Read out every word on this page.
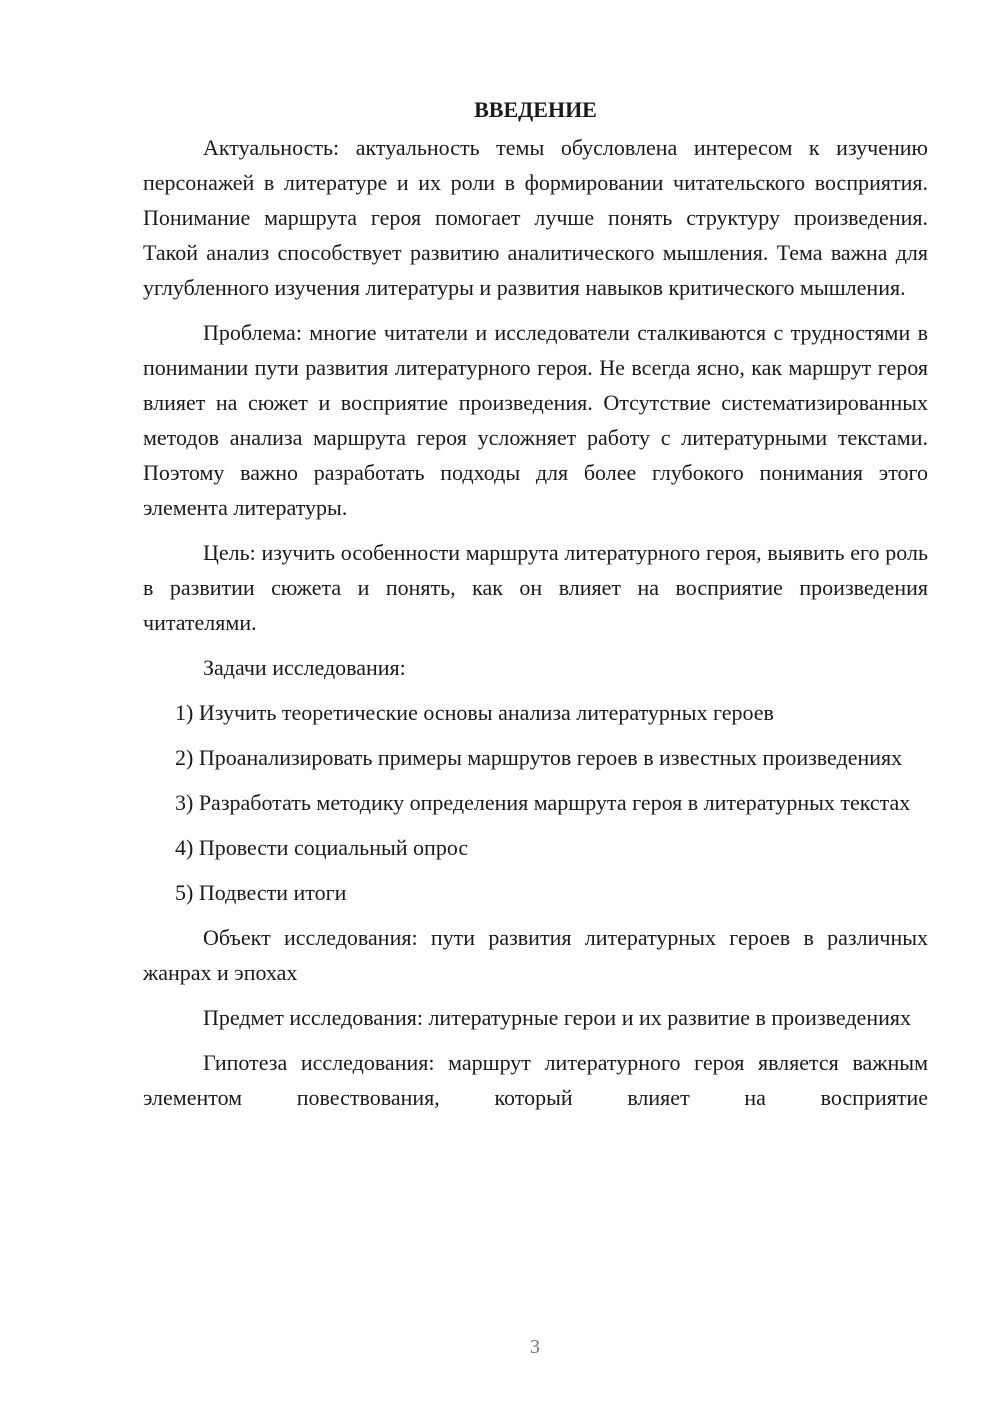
ВВЕДЕНИЕ

Актуальность: актуальность темы обусловлена интересом к изучению персонажей в литературе и их роли в формировании читательского восприятия. Понимание маршрута героя помогает лучше понять структуру произведения. Такой анализ способствует развитию аналитического мышления. Тема важна для углубленного изучения литературы и развития навыков критического мышления.

Проблема: многие читатели и исследователи сталкиваются с трудностями в понимании пути развития литературного героя. Не всегда ясно, как маршрут героя влияет на сюжет и восприятие произведения. Отсутствие систематизированных методов анализа маршрута героя усложняет работу с литературными текстами. Поэтому важно разработать подходы для более глубокого понимания этого элемента литературы.

Цель: изучить особенности маршрута литературного героя, выявить его роль в развитии сюжета и понять, как он влияет на восприятие произведения читателями.

Задачи исследования:

1) Изучить теоретические основы анализа литературных героев

2) Проанализировать примеры маршрутов героев в известных произведениях

3) Разработать методику определения маршрута героя в литературных текстах

4) Провести социальный опрос

5) Подвести итоги

Объект исследования: пути развития литературных героев в различных жанрах и эпохах

Предмет исследования: литературные герои и их развитие в произведениях

Гипотеза исследования: маршрут литературного героя является важным элементом повествования, который влияет на восприятие

3
